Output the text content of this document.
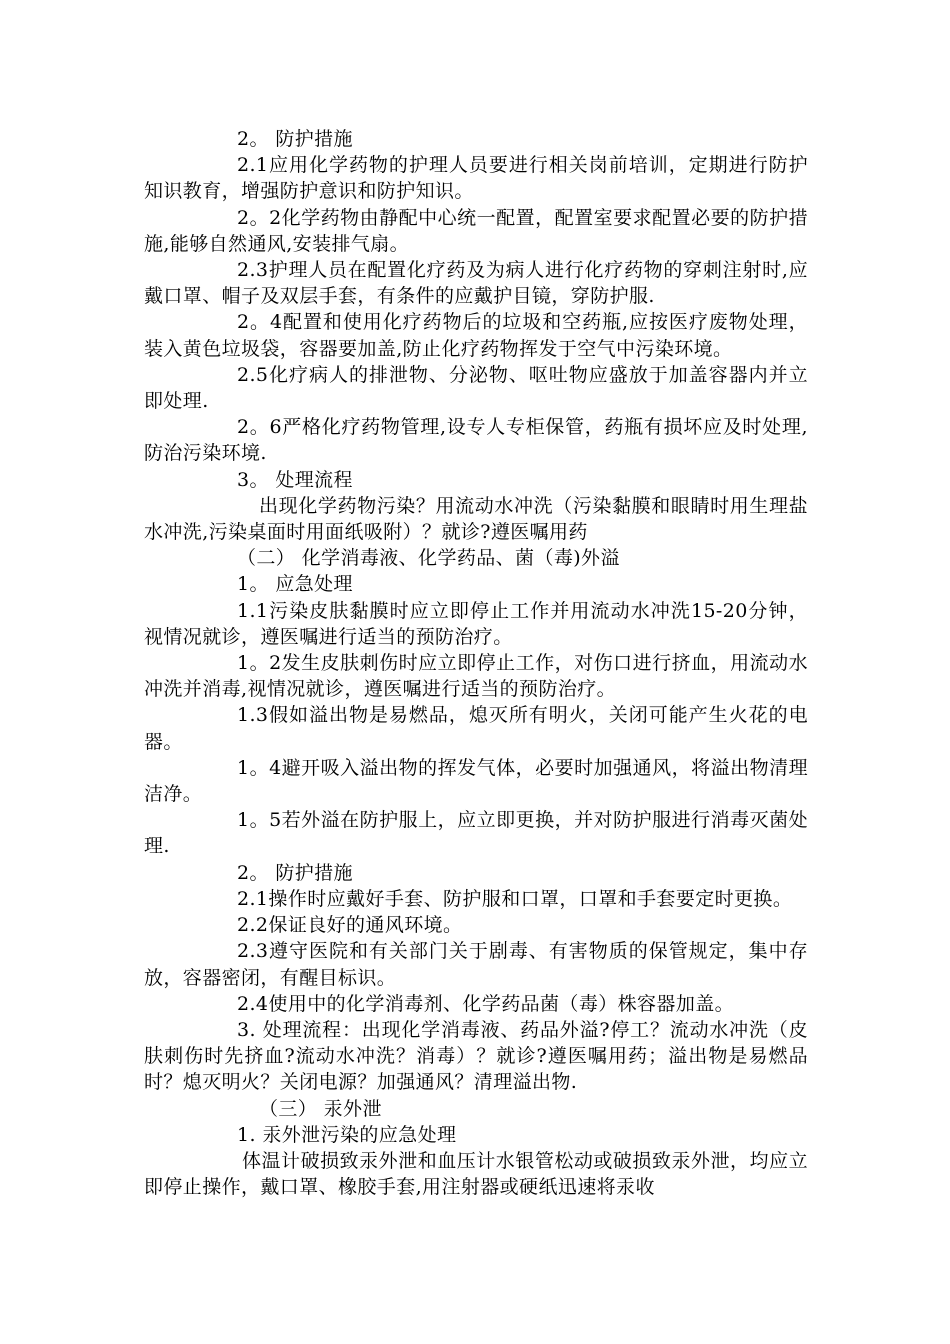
2。 防护措施

2.1应用化学药物的护理人员要进行相关岗前培训，定期进行防护知识教育，增强防护意识和防护知识。

2。2化学药物由静配中心统一配置，配置室要求配置必要的防护措施,能够自然通风,安装排气扇。

2.3护理人员在配置化疗药及为病人进行化疗药物的穿刺注射时,应戴口罩、帽子及双层手套，有条件的应戴护目镜，穿防护服.

2。4配置和使用化疗药物后的垃圾和空药瓶,应按医疗废物处理，装入黄色垃圾袋，容器要加盖,防止化疗药物挥发于空气中污染环境。

2.5化疗病人的排泄物、分泌物、呕吐物应盛放于加盖容器内并立即处理.

2。6严格化疗药物管理,设专人专柜保管，药瓶有损坏应及时处理,防治污染环境.

3。 处理流程

出现化学药物污染？用流动水冲洗（污染黏膜和眼睛时用生理盐水冲洗,污染桌面时用面纸吸附）？就诊?遵医嘱用药

（二） 化学消毒液、化学药品、菌（毒)外溢

1。 应急处理

1.1污染皮肤黏膜时应立即停止工作并用流动水冲洗15-20分钟，视情况就诊，遵医嘱进行适当的预防治疗。

1。2发生皮肤刺伤时应立即停止工作，对伤口进行挤血，用流动水冲洗并消毒,视情况就诊，遵医嘱进行适当的预防治疗。

1.3假如溢出物是易燃品，熄灭所有明火，关闭可能产生火花的电器。

1。4避开吸入溢出物的挥发气体，必要时加强通风，将溢出物清理洁净。

1。5若外溢在防护服上，应立即更换，并对防护服进行消毒灭菌处理.

2。 防护措施

2.1操作时应戴好手套、防护服和口罩，口罩和手套要定时更换。

2.2保证良好的通风环境。

2.3遵守医院和有关部门关于剧毒、有害物质的保管规定，集中存放，容器密闭，有醒目标识。

2.4使用中的化学消毒剂、化学药品菌（毒）株容器加盖。

3. 处理流程：出现化学消毒液、药品外溢?停工？流动水冲洗（皮肤刺伤时先挤血?流动水冲洗？消毒）？就诊?遵医嘱用药；溢出物是易燃品时？熄灭明火？关闭电源？加强通风？清理溢出物.

（三） 汞外泄

1. 汞外泄污染的应急处理

体温计破损致汞外泄和血压计水银管松动或破损致汞外泄，均应立即停止操作，戴口罩、橡胶手套,用注射器或硬纸迅速将汞收
